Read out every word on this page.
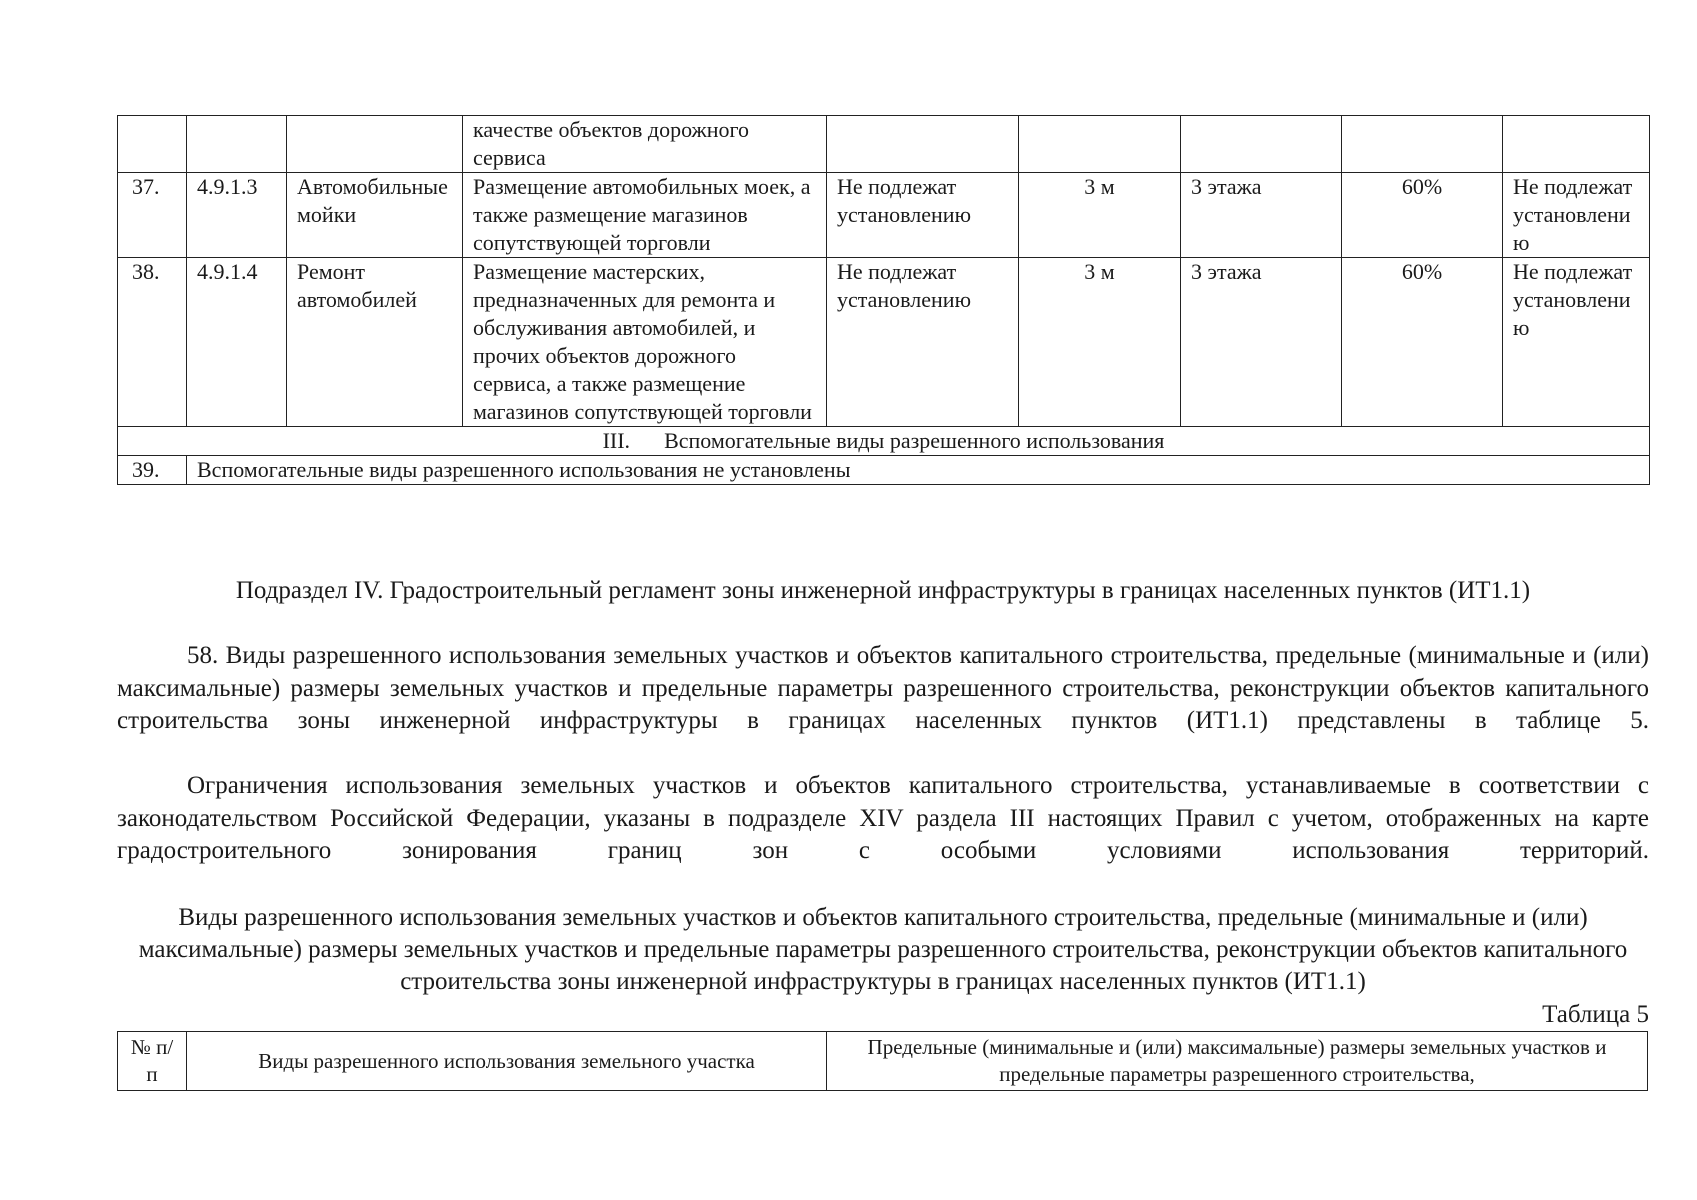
			качестве объектов дорожного сервиса					
37.	4.9.1.3	Автомобильные мойки	Размещение автомобильных моек, а также размещение магазинов сопутствующей торговли	Не подлежат установлению	3 м	3 этажа	60%	Не подлежат установлению
38.	4.9.1.4	Ремонт автомобилей	Размещение мастерских, предназначенных для ремонта и обслуживания автомобилей, и прочих объектов дорожного сервиса, а также размещение магазинов сопутствующей торговли	Не подлежат установлению	3 м	3 этажа	60%	Не подлежат установлению
III. Вспомогательные виды разрешенного использования								
39.	Вспомогательные виды разрешенного использования не установлены							
Подраздел IV. Градостроительный регламент зоны инженерной инфраструктуры в границах населенных пунктов (ИТ1.1)

58. Виды разрешенного использования земельных участков и объектов капитального строительства, предельные (минимальные и (или) максимальные) размеры земельных участков и предельные параметры разрешенного строительства, реконструкции объектов капитального строительства зоны инженерной инфраструктуры в границах населенных пунктов (ИТ1.1) представлены в таблице 5.

Ограничения использования земельных участков и объектов капитального строительства, устанавливаемые в соответствии с законодательством Российской Федерации, указаны в подразделе XIV раздела III настоящих Правил с учетом, отображенных на карте градостроительного зонирования границ зон с особыми условиями использования территорий.

Виды разрешенного использования земельных участков и объектов капитального строительства, предельные (минимальные и (или) максимальные) размеры земельных участков и предельные параметры разрешенного строительства, реконструкции объектов капитального строительства зоны инженерной инфраструктуры в границах населенных пунктов (ИТ1.1)
Таблица 5
№ п/п	Виды разрешенного использования земельного участка	Предельные (минимальные и (или) максимальные) размеры земельных участков и предельные параметры разрешенного строительства,
